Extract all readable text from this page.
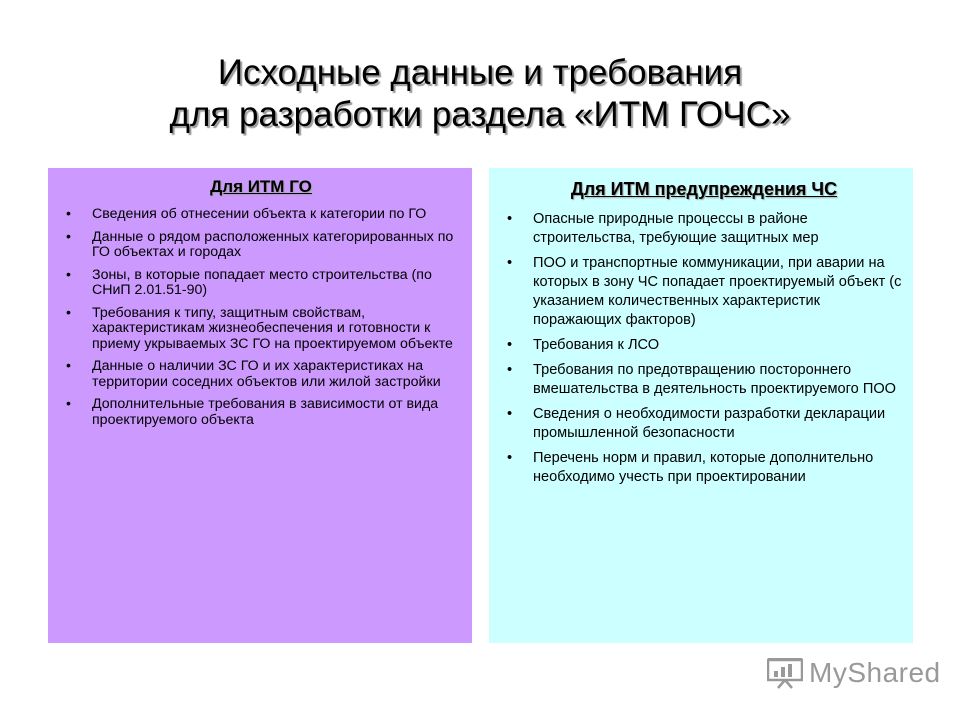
Исходные данные и требования
для разработки раздела «ИТМ ГОЧС»
Для ИТМ ГО
• Сведения об отнесении объекта к категории по ГО
• Данные о рядом расположенных категорированных по ГО объектах и городах
• Зоны, в которые попадает место строительства (по СНиП 2.01.51-90)
• Требования к типу, защитным свойствам, характеристикам жизнеобеспечения и готовности к приему укрываемых ЗС ГО на проектируемом объекте
• Данные о наличии ЗС ГО и их характеристиках на территории соседних объектов или жилой застройки
• Дополнительные требования в зависимости от вида проектируемого объекта
Для ИТМ предупреждения ЧС
• Опасные природные процессы в районе строительства, требующие защитных мер
• ПОО и транспортные коммуникации, при аварии на которых в зону ЧС попадает проектируемый объект (с указанием количественных характеристик поражающих факторов)
• Требования к ЛСО
• Требования по предотвращению постороннего вмешательства в деятельность проектируемого ПОО
• Сведения о необходимости разработки декларации промышленной безопасности
• Перечень норм и правил, которые дополнительно необходимо учесть при проектировании
MyShared
